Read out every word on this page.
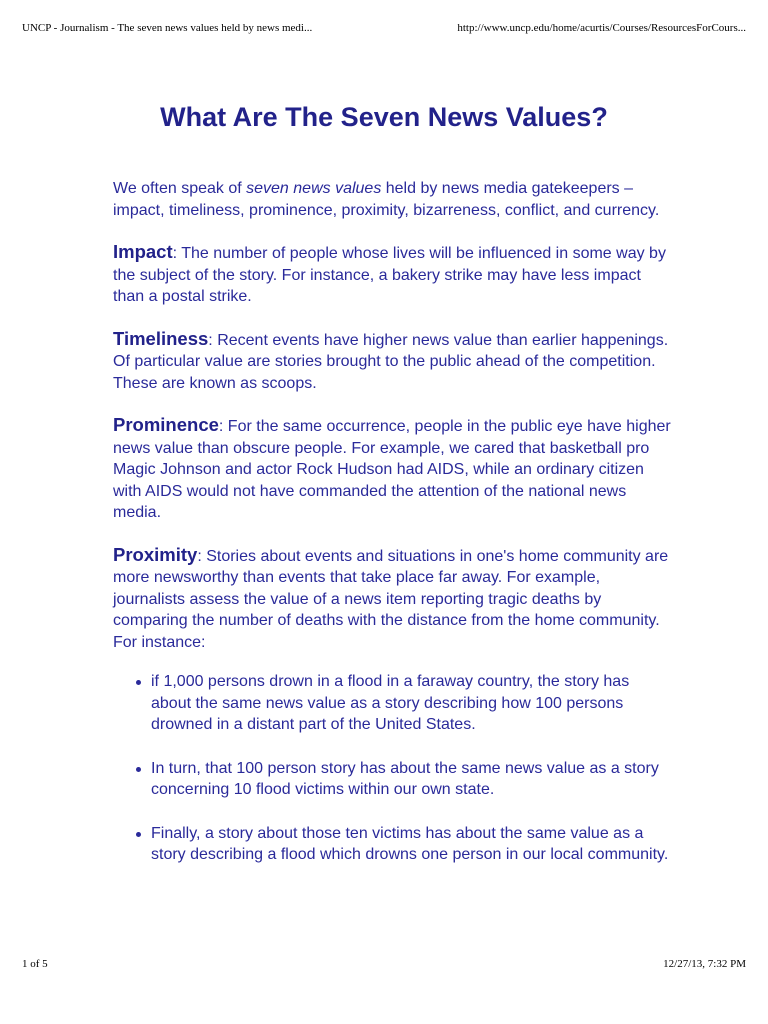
UNCP - Journalism - The seven news values held by news medi...	http://www.uncp.edu/home/acurtis/Courses/ResourcesForCours...
What Are The Seven News Values?

We often speak of seven news values held by news media gatekeepers – impact, timeliness, prominence, proximity, bizarreness, conflict, and currency.

Impact: The number of people whose lives will be influenced in some way by the subject of the story. For instance, a bakery strike may have less impact than a postal strike.

Timeliness: Recent events have higher news value than earlier happenings. Of particular value are stories brought to the public ahead of the competition. These are known as scoops.

Prominence: For the same occurrence, people in the public eye have higher news value than obscure people. For example, we cared that basketball pro Magic Johnson and actor Rock Hudson had AIDS, while an ordinary citizen with AIDS would not have commanded the attention of the national news media.

Proximity: Stories about events and situations in one's home community are more newsworthy than events that take place far away. For example, journalists assess the value of a news item reporting tragic deaths by comparing the number of deaths with the distance from the home community. For instance:

if 1,000 persons drown in a flood in a faraway country, the story has about the same news value as a story describing how 100 persons drowned in a distant part of the United States.
In turn, that 100 person story has about the same news value as a story concerning 10 flood victims within our own state.
Finally, a story about those ten victims has about the same value as a story describing a flood which drowns one person in our local community.
1 of 5	12/27/13, 7:32 PM
